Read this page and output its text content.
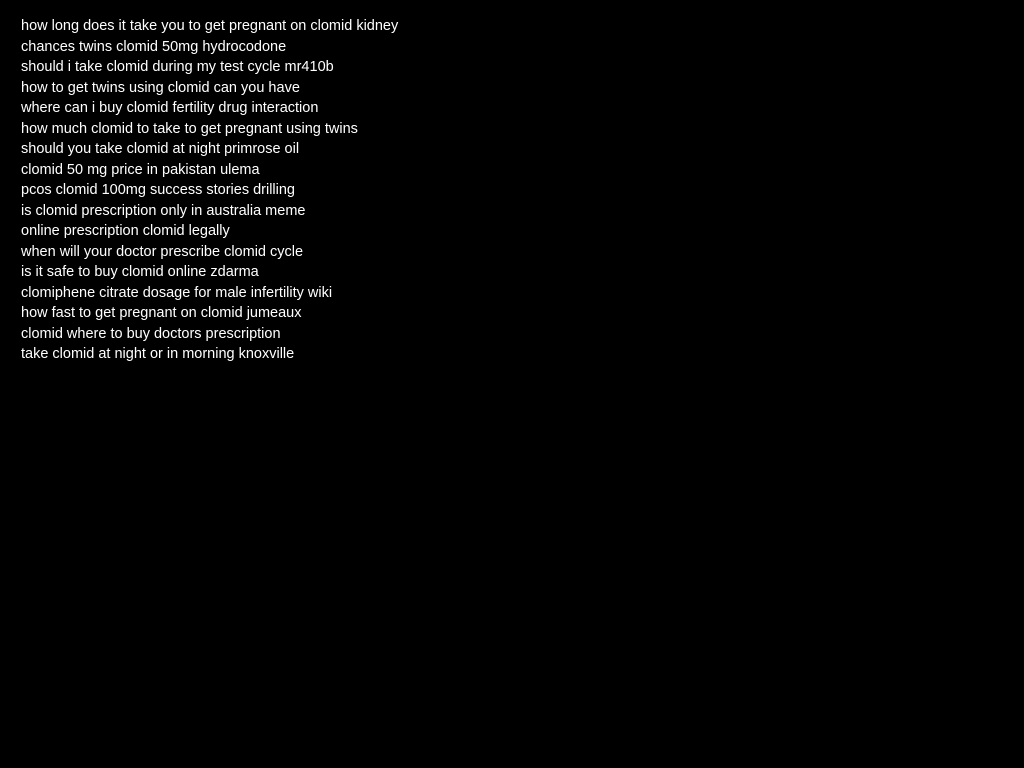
how long does it take you to get pregnant on clomid kidney
chances twins clomid 50mg hydrocodone
should i take clomid during my test cycle mr410b
how to get twins using clomid can you have
where can i buy clomid fertility drug interaction
how much clomid to take to get pregnant using twins
should you take clomid at night primrose oil
clomid 50 mg price in pakistan ulema
pcos clomid 100mg success stories drilling
is clomid prescription only in australia meme
online prescription clomid legally
when will your doctor prescribe clomid cycle
is it safe to buy clomid online zdarma
clomiphene citrate dosage for male infertility wiki
how fast to get pregnant on clomid jumeaux
clomid where to buy doctors prescription
take clomid at night or in morning knoxville
